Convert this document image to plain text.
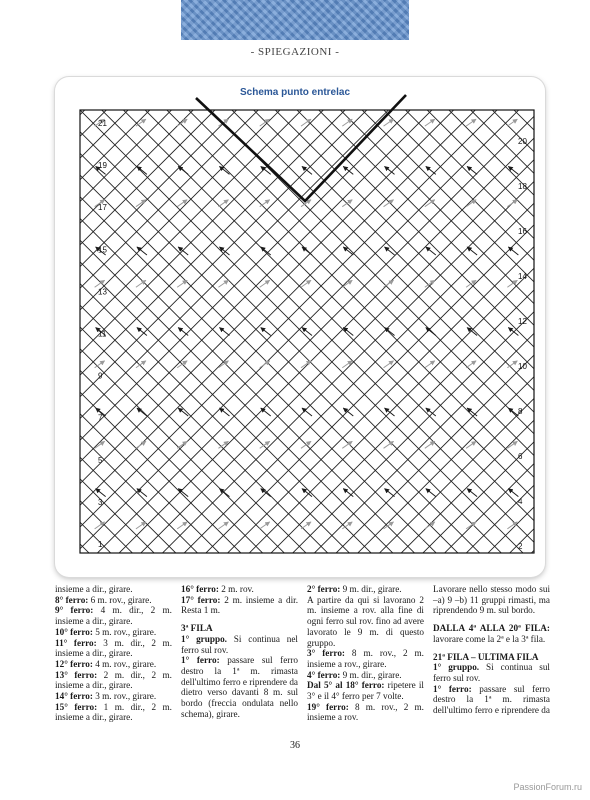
- SPIEGAZIONI -
Schema punto entrelac
21
19
17
15
13
11
9
7
5
3
1
20
18
16
14
12
10
8
6
4
2

insieme a dir., girare.

8° ferro: 6 m. rov., girare.

9° ferro: 4 m. dir., 2 m. insieme a dir., girare.

10° ferro: 5 m. rov., girare.

11° ferro: 3 m. dir., 2 m. insieme a dir., girare.

12° ferro: 4 m. rov., girare.

13° ferro: 2 m. dir., 2 m. insieme a dir., girare.

14° ferro: 3 m. rov., girare.

15° ferro: 1 m. dir., 2 m. insieme a dir., girare.

16° ferro: 2 m. rov.

17° ferro: 2 m. insieme a dir. Resta 1 m.

3ª FILA

1° gruppo. Si continua nel ferro sul rov.

1° ferro: passare sul ferro destro la 1ª m. rimasta dell'ultimo ferro e riprendere da dietro verso davanti 8 m. sul bordo (freccia ondulata nello schema), girare.

2° ferro: 9 m. dir., girare.

A partire da qui si lavorano 2 m. insieme a rov. alla fine di ogni ferro sul rov. fino ad avere lavorato le 9 m. di questo gruppo.

3° ferro: 8 m. rov., 2 m. insieme a rov., girare.

4° ferro: 9 m. dir., girare.

Dal 5° al 18° ferro: ripetere il 3° e il 4° ferro per 7 volte.

19° ferro: 8 m. rov., 2 m. insieme a rov.

Lavorare nello stesso modo sui –a) 9 –b) 11 gruppi rimasti, ma riprendendo 9 m. sul bordo.

DALLA 4ª ALLA 20ª FILA: lavorare come la 2ª e la 3ª fila.

21ª FILA – ULTIMA FILA

1° gruppo. Si continua sul ferro sul rov.

1° ferro: passare sul ferro destro la 1ª m. rimasta dell'ultimo ferro e riprendere da

36
PassionForum.ru
